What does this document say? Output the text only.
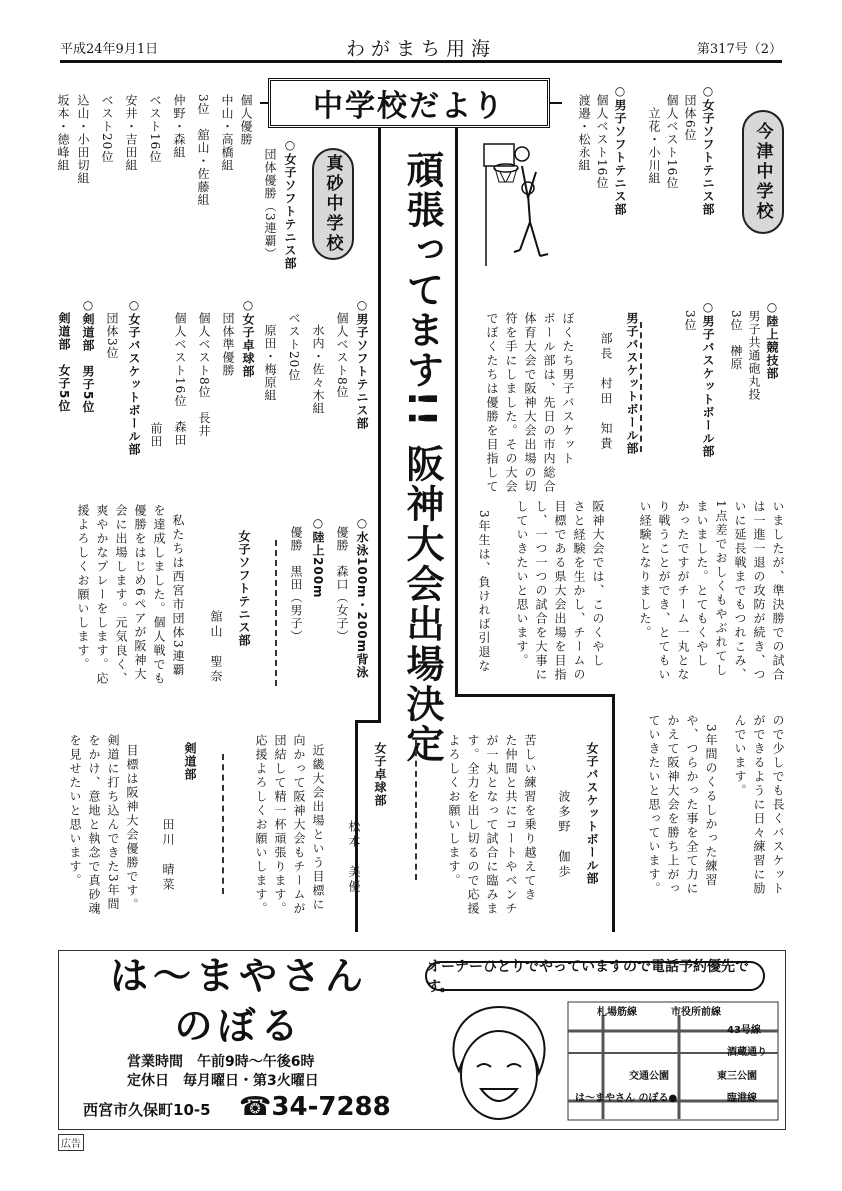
平成24年9月1日	わがまち用海	第317号（2）
中学校だより
頑張ってます!! 阪神大会出場決定	今津中学校
○女子ソフトテニス部
団体6位
個人ベスト16位
　立花・小川組
○男子ソフトテニス部
個人ベスト16位
渡邉・松永組
○陸上競技部
男子共通砲丸投
3位　榊原
○男子バスケットボール部
3位
男子バスケットボール部
部長　村田　知貴
ぼくたち男子バスケット
ボール部は、先日の市内総合
体育大会で阪神大会出場の切
符を手にしました。その大会
でぼくたちは優勝を目指して
いましたが、準決勝での試合
は一進一退の攻防が続き、つ
いに延長戦までもつれこみ、
1点差でおしくもやぶれてし
まいました。とてもくやし
かったですがチーム一丸とな
り戦うことができ、とてもい
い経験となりました。
阪神大会では、このくやし
さと経験を生かし、チームの
目標である県大会出場を目指
し、一つ一つの試合を大事に
していきたいと思います。
3年生は、負ければ引退な
ので少しでも長くバスケット
ができるように日々練習に励
んでいます。
3年間のくるしかった練習
や、つらかった事を全て力に
かえて阪神大会を勝ち上がっ
ていきたいと思っています。
女子バスケットボール部
波多野　伽歩
苦しい練習を乗り越えてき
た仲間と共にコートやベンチ
が一丸となって試合に臨みま
す。全力を出し切るので応援
よろしくお願いします。
真砂中学校
○女子ソフトテニス部
団体優勝（3連覇）
個人優勝
中山・高橋組
3位　舘山・佐藤組
仲野・森組
ベスト16位
安井・吉田組
ベスト20位
込山・小田切組
坂本・徳峰組
○男子ソフトテニス部
個人ベスト8位
水内・佐々木組
ベスト20位
原田・梅原組
○女子卓球部
団体準優勝
個人ベスト8位　長井
個人ベスト16位　森田
前田
○女子バスケットボール部
団体3位
○剣道部　男子5位
剣道部　女子5位
○水泳100m・200m背泳
優勝　森口（女子）
○陸上200m
優勝　黒田（男子）
女子ソフトテニス部
舘山　聖奈
私たちは西宮市団体3連覇
を達成しました。個人戦でも
優勝をはじめ6ペアが阪神大
会に出場します。元気良く、
爽やかなプレーをします。応
援よろしくお願いします。
女子卓球部
松本　美優
近畿大会出場という目標に
向かって阪神大会もチームが
団結して精一杯頑張ります。
応援よろしくお願いします。
剣道部
田川　晴菜
目標は阪神大会優勝です。
剣道に打ち込んできた3年間
をかけ、意地と執念で真砂魂
を見せたいと思います。
は〜まやさん
のぼる
営業時間　午前9時〜午後6時
定休日　毎月曜日・第3火曜日
西宮市久保町10-5 ☎34-7288
オーナーひとりでやっていますので電話予約優先です。
札場筋線	市役所前線
43号線
酒蔵通り
交通公園	東三公園
は〜まやさん のぼる●	臨港線
広告
